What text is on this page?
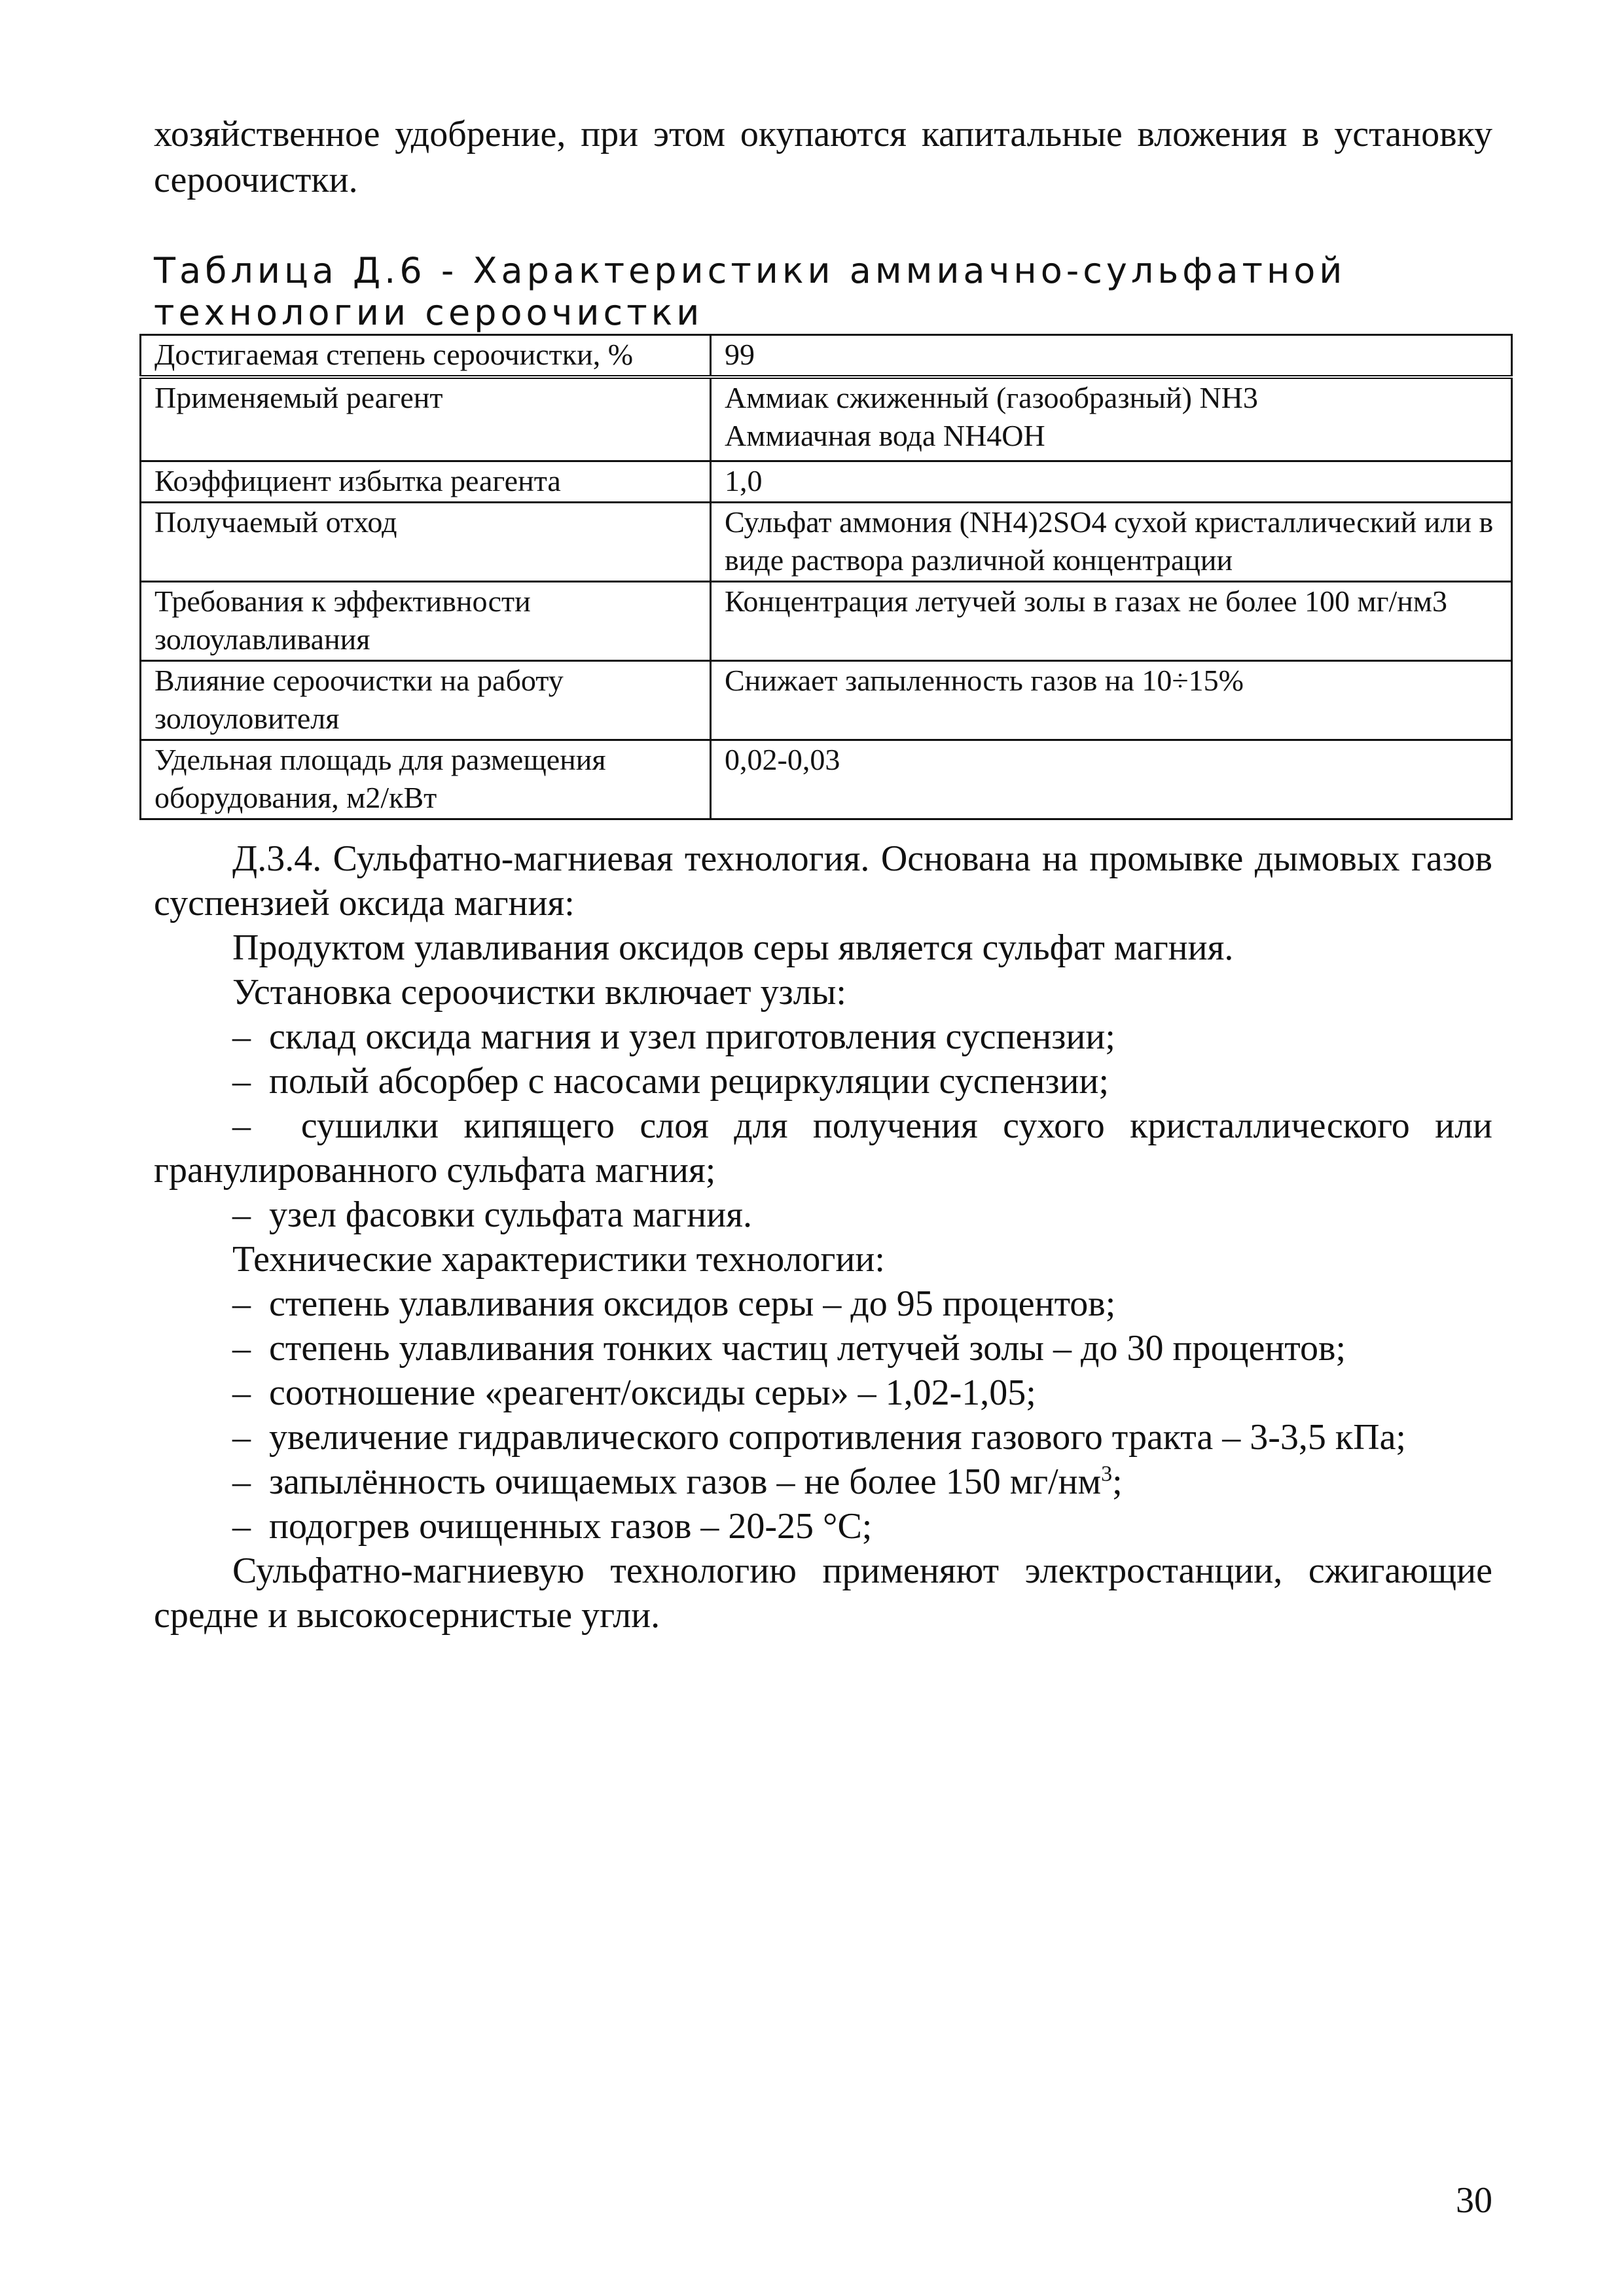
хозяйственное удобрение, при этом окупаются капитальные вложения в установку сероочистки.

Таблица Д.6 - Характеристики аммиачно-сульфатной технологии сероочистки

Достигаемая степень сероочистки, %	99
Применяемый реагент	Аммиак сжиженный (газообразный) NH3
Аммиачная вода NH4OH

Коэффициент избытка реагента	1,0
Получаемый отход	Сульфат аммония (NH4)2SO4 сухой кристаллический или в виде раствора различной концентрации
Требования к эффективности золоулавливания	Концентрация летучей золы в газах не более 100 мг/нм3
Влияние сероочистки на работу золоуловителя	Снижает запыленность газов на 10÷15%
Удельная площадь для размещения оборудования, м2/кВт	0,02-0,03

Д.3.4. Сульфатно-магниевая технология. Основана на промывке дымовых газов суспензией оксида магния:

Продуктом улавливания оксидов серы является сульфат магния.

Установка сероочистки включает узлы:

– склад оксида магния и узел приготовления суспензии;

– полый абсорбер с насосами рециркуляции суспензии;

– сушилки кипящего слоя для получения сухого кристаллического или гранулированного сульфата магния;

– узел фасовки сульфата магния.

Технические характеристики технологии:

– степень улавливания оксидов серы – до 95 процентов;

– степень улавливания тонких частиц летучей золы – до 30 процентов;

– соотношение «реагент/оксиды серы» – 1,02-1,05;

– увеличение гидравлического сопротивления газового тракта – 3-3,5 кПа;

– запылённость очищаемых газов – не более 150 $мг/нм^3$;

– подогрев очищенных газов – 20-25 °С;

Сульфатно-магниевую технологию применяют электростанции, сжигающие средне и высокосернистые угли.

30
